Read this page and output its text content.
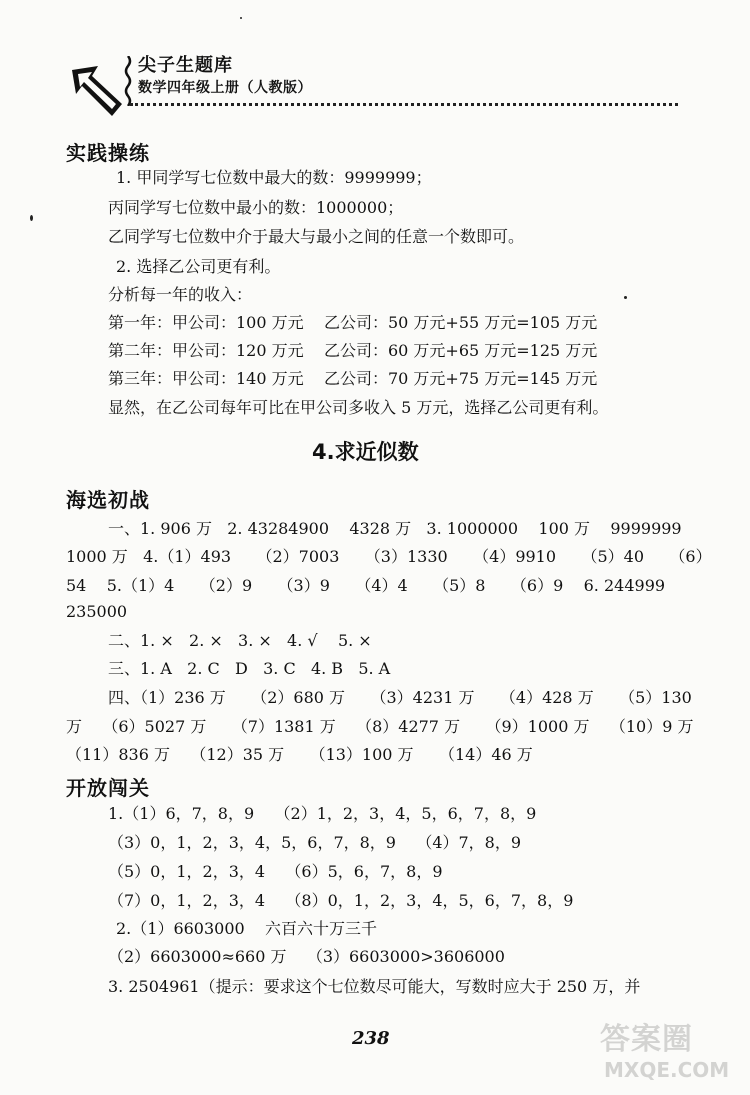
尖子生题库
数学四年级上册（人教版）
实践操练
1. 甲同学写七位数中最大的数：9999999；
丙同学写七位数中最小的数：1000000；
乙同学写七位数中介于最大与最小之间的任意一个数即可。
2. 选择乙公司更有利。
分析每一年的收入：
第一年：甲公司：100 万元    乙公司：50 万元+55 万元=105 万元
第二年：甲公司：120 万元    乙公司：60 万元+65 万元=125 万元
第三年：甲公司：140 万元    乙公司：70 万元+75 万元=145 万元
显然，在乙公司每年可比在甲公司多收入 5 万元，选择乙公司更有利。
4.求近似数
海选初战
一、1. 906 万   2. 43284900    4328 万   3. 1000000    100 万    9999999
1000 万   4.（1）493     （2）7003     （3）1330     （4）9910     （5）40     （6）
54    5.（1）4     （2）9     （3）9     （4）4     （5）8     （6）9    6. 244999
235000
二、1. ×   2. ×   3. ×   4. √    5. ×
三、1. A   2. C   D   3. C   4. B   5. A
四、（1）236 万     （2）680 万     （3）4231 万     （4）428 万     （5）130
万    （6）5027 万     （7）1381 万    （8）4277 万     （9）1000 万    （10）9 万
（11）836 万    （12）35 万     （13）100 万     （14）46 万
开放闯关
1.（1）6，7，8，9    （2）1，2，3，4，5，6，7，8，9
（3）0，1，2，3，4，5，6，7，8，9    （4）7，8，9
（5）0，1，2，3，4    （6）5，6，7，8，9
（7）0，1，2，3，4    （8）0，1，2，3，4，5，6，7，8，9
2.（1）6603000    六百六十万三千
（2）6603000≈660 万    （3）6603000>3606000
3. 2504961（提示：要求这个七位数尽可能大，写数时应大于 250 万，并
238	答案圈
MXQE.COM
